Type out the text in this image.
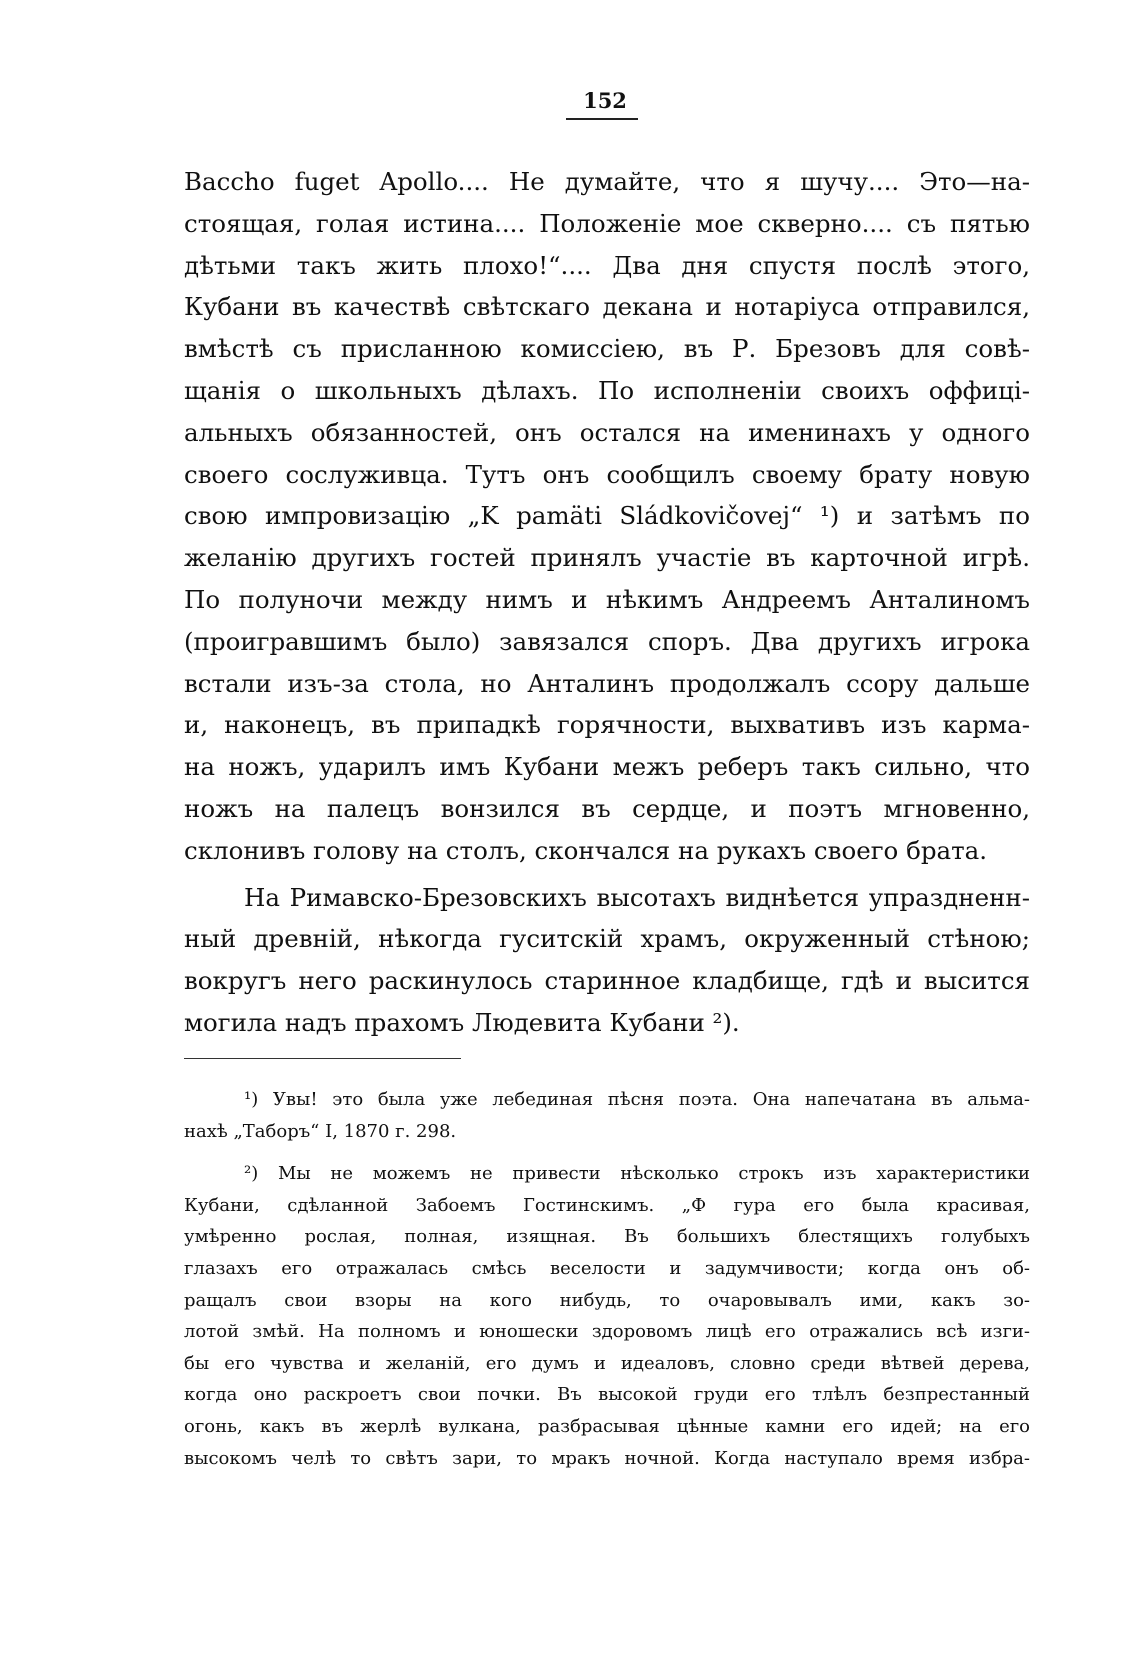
152
Bacсho fuget Apollo.... Не думайте, что я шучу.... Это—на-
стоящая, голая истина.... Положеніе мое скверно.... съ пятью
дѣтьми такъ жить плохо!“.... Два дня спустя послѣ этого,
Кубани въ качествѣ свѣтскаго декана и нотаріуса отправился,
вмѣстѣ съ присланною комиссіею, въ Р. Брезовъ для совѣ-
щанія о школьныхъ дѣлахъ. По исполненіи своихъ оффиці-
альныхъ обязанностей, онъ остался на именинахъ у одного
своего сослуживца. Тутъ онъ сообщилъ своему брату новую
свою импровизацію „K pamäti Sládkovičovej“ ¹) и затѣмъ по
желанію другихъ гостей принялъ участіе въ карточной игрѣ.
По полуночи между нимъ и нѣкимъ Андреемъ Анталиномъ
(проигравшимъ было) завязался споръ. Два другихъ игрока
встали изъ-за стола, но Анталинъ продолжалъ ссору дальше
и, наконецъ, въ припадкѣ горячности, выхвативъ изъ карма-
на ножъ, ударилъ имъ Кубани межъ реберъ такъ сильно, что
ножъ на палецъ вонзился въ сердце, и поэтъ мгновенно,
склонивъ голову на столъ, скончался на рукахъ своего брата.
На Римавско-Брезовскихъ высотахъ виднѣется упраздненн-
ный древній, нѣкогда гуситскій храмъ, окруженный стѣною;
вокругъ него раскинулось старинное кладбище, гдѣ и высится
могила надъ прахомъ Людевита Кубани ²).
¹) Увы! это была уже лебединая пѣсня поэта. Она напечатана въ альма-
нахѣ „Таборъ“ I, 1870 г. 298.
²) Мы не можемъ не привести нѣсколько строкъ изъ характеристики
Кубани, сдѣланной Забоемъ Гостинскимъ. „Ф гура его была красивая,
умѣренно рослая, полная, изящная. Въ большихъ блестящихъ голубыхъ
глазахъ его отражалась смѣсь веселости и задумчивости; когда онъ об-
ращалъ свои взоры на кого нибудь, то очаровывалъ ими, какъ зо-
лотой змѣй. На полномъ и юношески здоровомъ лицѣ его отражались всѣ изги-
бы его чувства и желаній, его думъ и идеаловъ, словно среди вѣтвей дерева,
когда оно раскроетъ свои почки. Въ высокой груди его тлѣлъ безпрестанный
огонь, какъ въ жерлѣ вулкана, разбрасывая цѣнные камни его идей; на его
высокомъ челѣ то свѣтъ зари, то мракъ ночной. Когда наступало время избра-
